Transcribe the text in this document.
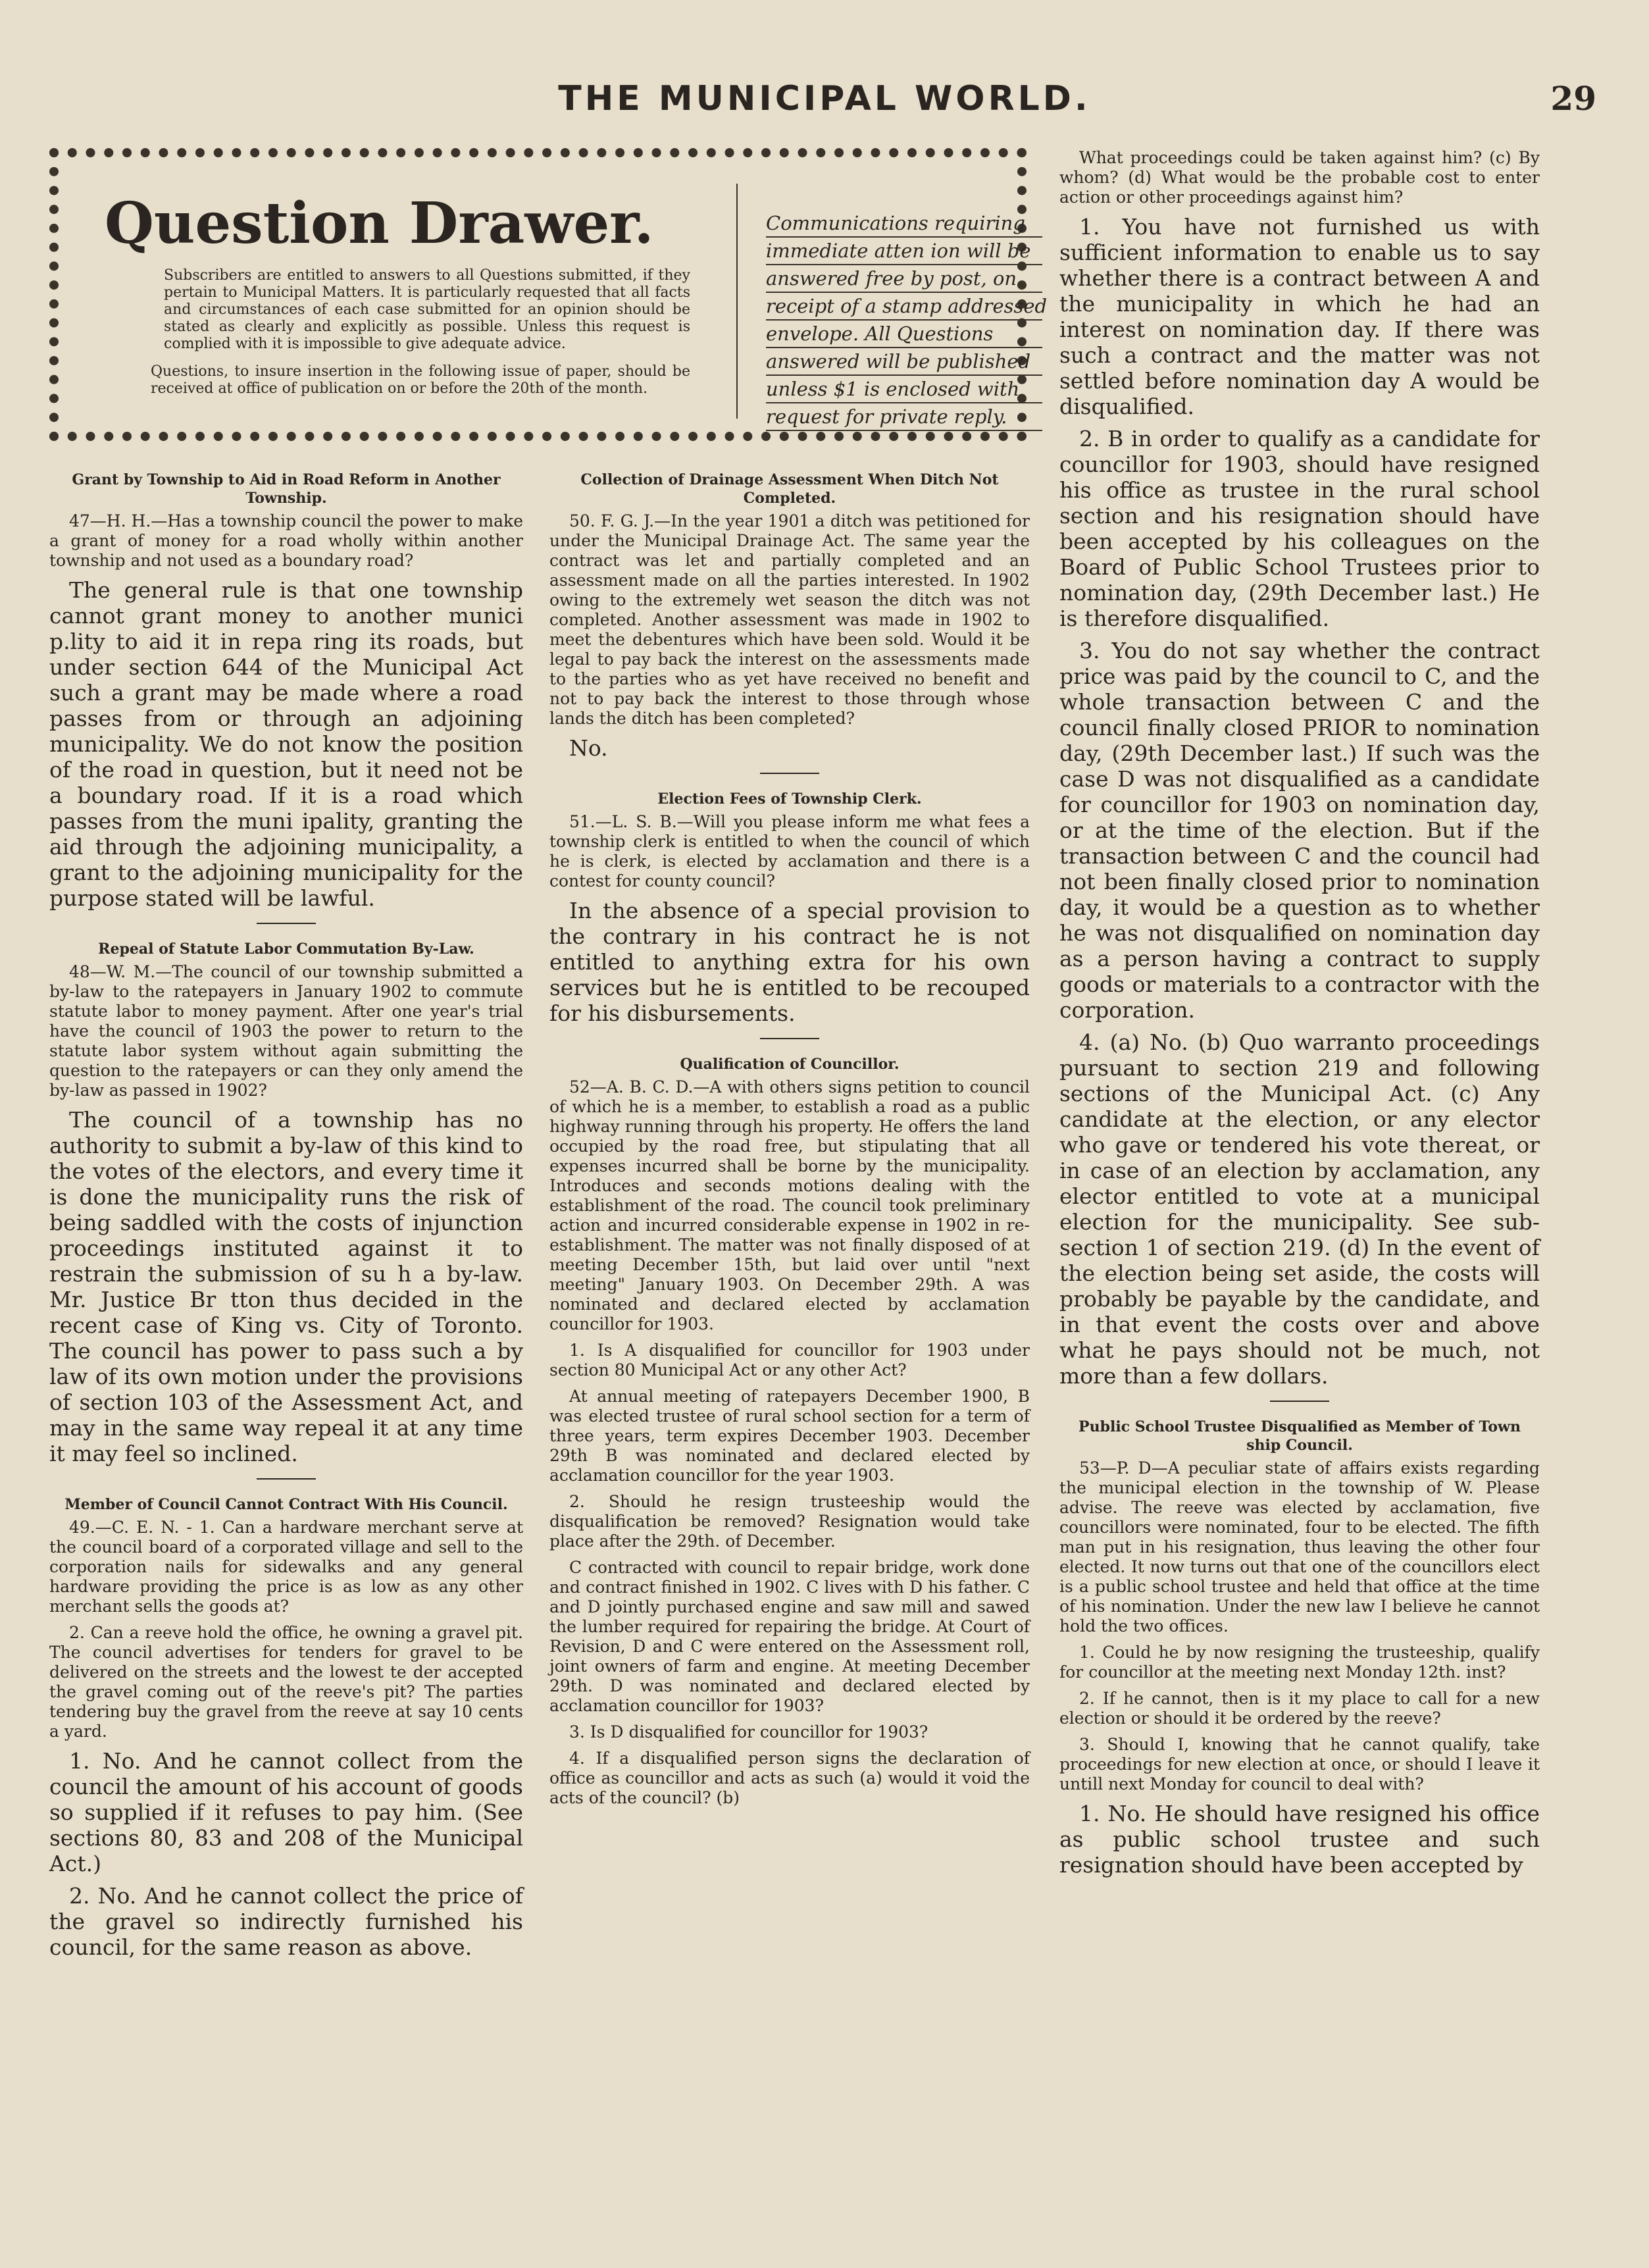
THE MUNICIPAL WORLD.	29
Question Drawer.
Subscribers are entitled to answers to all Questions submitted, if they pertain to Municipal Matters. It is particularly requested that all facts and circumstances of each case submitted for an opinion should be stated as clearly and explicitly as possible. Unless this request is complied with it is impossible to give adequate advice.
Questions, to insure insertion in the following issue of paper, should be received at office of publication on or before the 20th of the month.
Communications requiring
immediate atten ion will be
answered free by post, on
receipt of a stamp addressed
envelope. All Questions
answered will be published
unless $1 is enclosed with
request for private reply.
Grant by Township to Aid in Road Reform in Another Township.

47—H. H.—Has a township council the power to make a grant of money for a road wholly within another township and not used as a boundary road?

The general rule is that one township cannot grant money to another munici p.lity to aid it in repa ring its roads, but under section 644 of the Municipal Act such a grant may be made where a road passes from or through an adjoining municipality. We do not know the position of the road in question, but it need not be a boundary road. If it is a road which passes from the muni ipality, granting the aid through the adjoining municipality, a grant to the adjoining municipality for the purpose stated will be lawful.

Repeal of Statute Labor Commutation By-Law.

48—W. M.—The council of our township submitted a by-law to the ratepayers in January 1902 to commute statute labor to money payment. After one year's trial have the council of 1903 the power to return to the statute labor system without again submitting the question to the ratepayers or can they only amend the by-law as passed in 1902?

The council of a township has no authority to submit a by-law of this kind to the votes of the electors, and every time it is done the municipality runs the risk of being saddled with the costs of injunction proceedings instituted against it to restrain the submission of su h a by-law. Mr. Justice Br tton thus decided in the recent case of King vs. City of Toronto. The council has power to pass such a by law of its own motion under the provisions of section 103 of the Assessment Act, and may in the same way repeal it at any time it may feel so inclined.

Member of Council Cannot Contract With His Council.

49.—C. E. N. - 1. Can a hardware merchant serve at the council board of a corporated village and sell to the corporation nails for sidewalks and any general hardware providing the price is as low as any other merchant sells the goods at?

2. Can a reeve hold the office, he owning a gravel pit. The council advertises for tenders for gravel to be delivered on the streets and the lowest te der accepted the gravel coming out of the reeve's pit? The parties tendering buy the gravel from the reeve at say 10 cents a yard.

1. No. And he cannot collect from the council the amount of his account of goods so supplied if it refuses to pay him. (See sections 80, 83 and 208 of the Municipal Act.)

2. No. And he cannot collect the price of the gravel so indirectly furnished his council, for the same reason as above.

Collection of Drainage Assessment When Ditch Not Completed.

50. F. G. J.—In the year 1901 a ditch was petitioned for under the Municipal Drainage Act. The same year the contract was let and partially completed and an assessment made on all the parties interested. In 1902 owing to the extremely wet season the ditch was not completed. Another assessment was made in 1902 to meet the debentures which have been sold. Would it be legal to pay back the interest on the assessments made to the parties who as yet have received no benefit and not to pay back the interest to those through whose lands the ditch has been completed?

No.

Election Fees of Township Clerk.

51.—L. S. B.—Will you please inform me what fees a township clerk is entitled to when the council of which he is clerk, is elected by acclamation and there is a contest for county council?

In the absence of a special provision to the contrary in his contract he is not entitled to anything extra for his own services but he is entitled to be recouped for his disbursements.

Qualification of Councillor.

52—A. B. C. D.—A with others signs petition to council of which he is a member, to establish a road as a public highway running through his property. He offers the land occupied by the road free, but stipulating that all expenses incurred shall be borne by the municipality. Introduces and seconds motions dealing with the establishment of the road. The council took preliminary action and incurred considerable expense in 1902 in re-establishment. The matter was not finally disposed of at meeting December 15th, but laid over until "next meeting" January 1903. On December 29th. A was nominated and declared elected by acclamation councillor for 1903.

1. Is A disqualified for councillor for 1903 under section 80 Municipal Act or any other Act?

At annual meeting of ratepayers December 1900, B was elected trustee of rural school section for a term of three years, term expires December 1903. December 29th B was nominated and declared elected by acclamation councillor for the year 1903.

2. Should he resign trusteeship would the disqualification be removed? Resignation would take place after the 29th. of December.

C contracted with council to repair bridge, work done and contract finished in 1902. C lives with D his father. C and D jointly purchased engine and saw mill and sawed the lumber required for repairing the bridge. At Court of Revision, D and C were entered on the Assessment roll, joint owners of farm and engine. At meeting December 29th. D was nominated and declared elected by acclamation councillor for 1903?

3. Is D disqualified for councillor for 1903?

4. If a disqualified person signs the declaration of office as councillor and acts as such (a) would it void the acts of the council? (b)

What proceedings could be taken against him? (c) By whom? (d) What would be the probable cost to enter action or other proceedings against him?

1. You have not furnished us with sufficient information to enable us to say whether there is a contract between A and the municipality in which he had an interest on nomination day. If there was such a contract and the matter was not settled before nomination day A would be disqualified.

2. B in order to qualify as a candidate for councillor for 1903, should have resigned his office as trustee in the rural school section and his resignation should have been accepted by his colleagues on the Board of Public School Trustees prior to nomination day, (29th December last.) He is therefore disqualified.

3. You do not say whether the contract price was paid by the council to C, and the whole transaction between C and the council finally closed PRIOR to nomination day, (29th December last.) If such was the case D was not disqualified as a candidate for councillor for 1903 on nomination day, or at the time of the election. But if the transaction between C and the council had not been finally closed prior to nomination day, it would be a question as to whether he was not disqualified on nomination day as a person having a contract to supply goods or materials to a contractor with the corporation.

4. (a) No. (b) Quo warranto proceedings pursuant to section 219 and following sections of the Municipal Act. (c) Any candidate at the election, or any elector who gave or tendered his vote thereat, or in case of an election by acclamation, any elector entitled to vote at a municipal election for the municipality. See sub-section 1 of section 219. (d) In the event of the election being set aside, the costs will probably be payable by the candidate, and in that event the costs over and above what he pays should not be much, not more than a few dollars.

Public School Trustee Disqualified as Member of Town ship Council.

53—P. D—A peculiar state of affairs exists regarding the municipal election in the township of W. Please advise. The reeve was elected by acclamation, five councillors were nominated, four to be elected. The fifth man put in his resignation, thus leaving the other four elected. It now turns out that one of the councillors elect is a public school trustee and held that office at the time of his nomination. Under the new law I believe he cannot hold the two offices.

1. Could he by now resigning the trusteeship, qualify for councillor at the meeting next Monday 12th. inst?

2. If he cannot, then is it my place to call for a new election or should it be ordered by the reeve?

3. Should I, knowing that he cannot qualify, take proceedings for new election at once, or should I leave it untill next Monday for council to deal with?

1. No. He should have resigned his office as public school trustee and such resignation should have been accepted by
